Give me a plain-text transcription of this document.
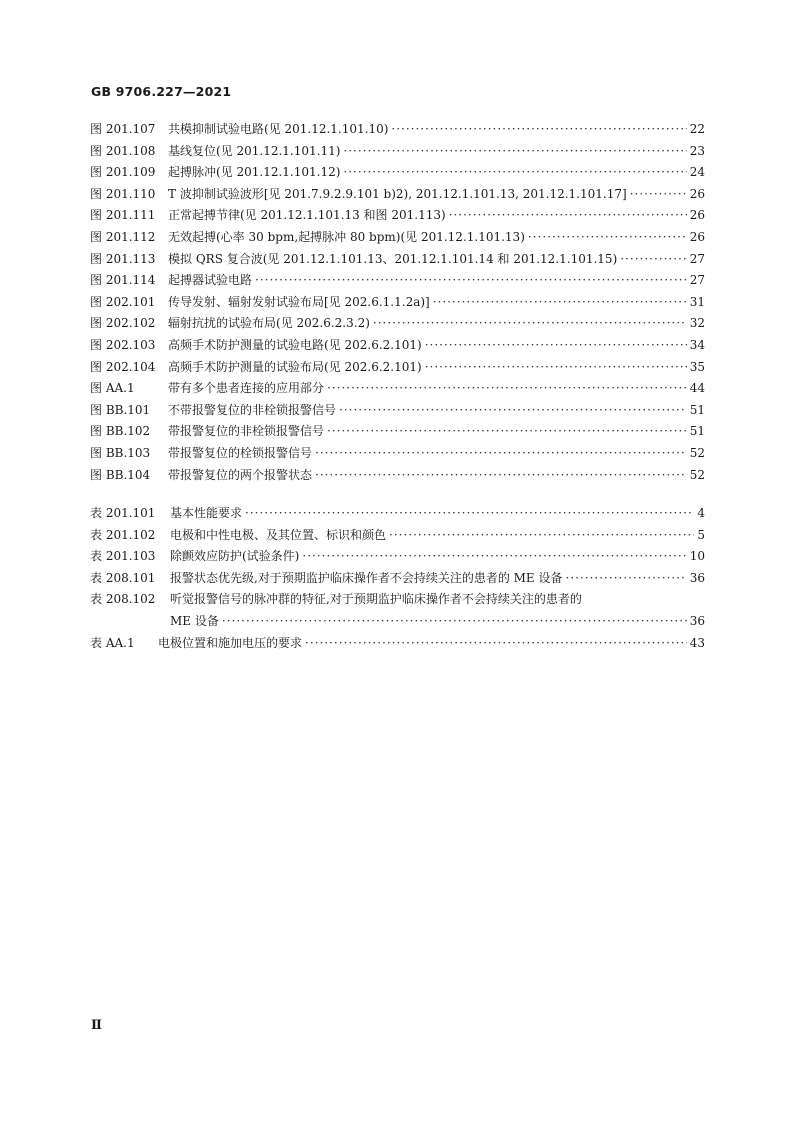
GB 9706.227—2021
图 201.107	共模抑制试验电路(见 201.12.1.101.10) ·····	22
图 201.108	基线复位(见 201.12.1.101.11) ·····	23
图 201.109	起搏脉冲(见 201.12.1.101.12) ·····	24
图 201.110	T 波抑制试验波形[见 201.7.9.2.9.101 b)2), 201.12.1.101.13, 201.12.1.101.17] ·····	26
图 201.111	正常起搏节律(见 201.12.1.101.13 和图 201.113) ·····	26
图 201.112	无效起搏(心率 30 bpm,起搏脉冲 80 bpm)(见 201.12.1.101.13) ·····	26
图 201.113	模拟 QRS 复合波(见 201.12.1.101.13、201.12.1.101.14 和 201.12.1.101.15) ·····	27
图 201.114	起搏器试验电路 ·····	27
图 202.101	传导发射、辐射发射试验布局[见 202.6.1.1.2a)] ·····	31
图 202.102	辐射抗扰的试验布局(见 202.6.2.3.2) ·····	32
图 202.103	高频手术防护测量的试验电路(见 202.6.2.101) ·····	34
图 202.104	高频手术防护测量的试验布局(见 202.6.2.101) ·····	35
图 AA.1	带有多个患者连接的应用部分 ·····	44
图 BB.101	不带报警复位的非栓锁报警信号 ·····	51
图 BB.102	带报警复位的非栓锁报警信号 ·····	51
图 BB.103	带报警复位的栓锁报警信号 ·····	52
图 BB.104	带报警复位的两个报警状态 ·····	52
表 201.101	基本性能要求 ·····	4
表 201.102	电极和中性电极、及其位置、标识和颜色 ·····	5
表 201.103	除颤效应防护(试验条件) ·····	10
表 208.101	报警状态优先级,对于预期监护临床操作者不会持续关注的患者的 ME 设备 ·····	36
表 208.102 听觉报警信号的脉冲群的特征,对于预期监护临床操作者不会持续关注的患者的
ME 设备 ·····	36
表 AA.1	电极位置和施加电压的要求 ·····	43
Ⅱ
